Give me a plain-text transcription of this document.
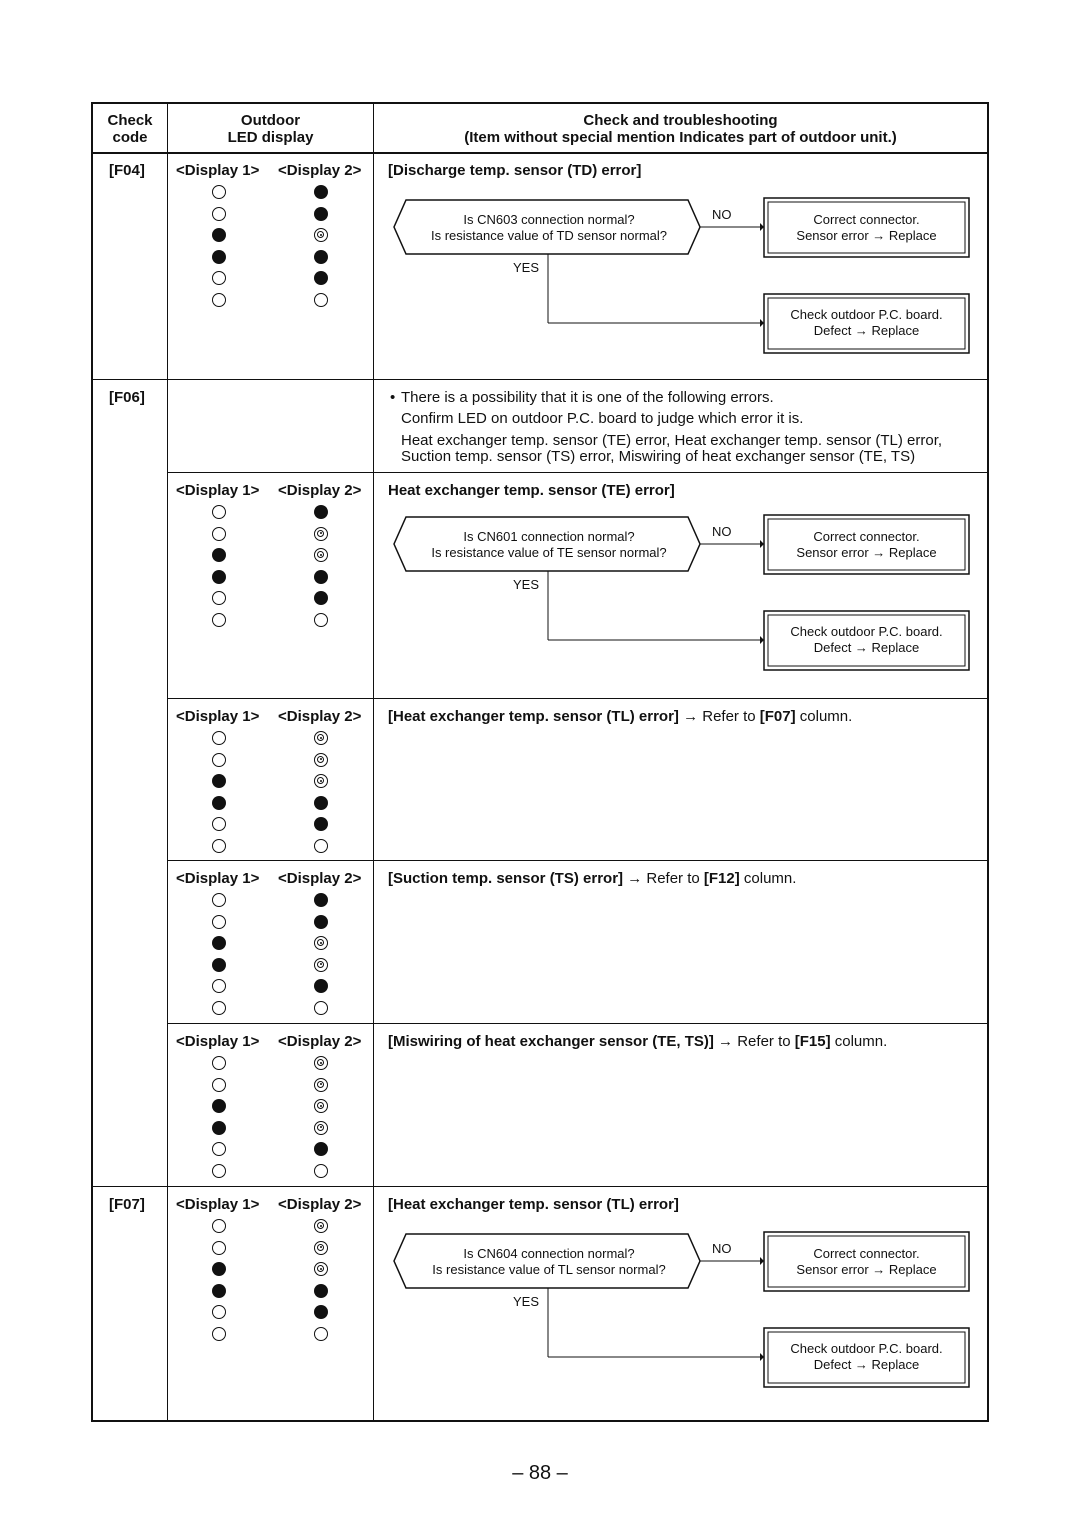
Check
code
Outdoor
LED display
Check and troubleshooting
(Item without special mention Indicates part of outdoor unit.)
[F04] <Display 1> <Display 2> [Discharge temp. sensor (TD) error]
Is CN603 connection normal?
Is resistance value of TD sensor normal?
NO
YES
Correct connector.
Sensor error → Replace
Check outdoor P.C. board.
Defect → Replace
[F06]	• There is a possibility that it is one of the following errors.
Confirm LED on outdoor P.C. board to judge which error it is.
Heat exchanger temp. sensor (TE) error, Heat exchanger temp. sensor (TL) error,
Suction temp. sensor (TS) error, Miswiring of heat exchanger sensor (TE, TS)
<Display 1> <Display 2> Heat exchanger temp. sensor (TE) error]
Is CN601 connection normal?
Is resistance value of TE sensor normal?
NO
YES
Correct connector.
Sensor error → Replace
Check outdoor P.C. board.
Defect → Replace
<Display 1> <Display 2> [Heat exchanger temp. sensor (TL) error] → Refer to [F07] column.
<Display 1> <Display 2> [Suction temp. sensor (TS) error] → Refer to [F12] column.
<Display 1> <Display 2> [Miswiring of heat exchanger sensor (TE, TS)] → Refer to [F15] column.
[F07] <Display 1> <Display 2> [Heat exchanger temp. sensor (TL) error]
Is CN604 connection normal?
Is resistance value of TL sensor normal?
NO
YES
Correct connector.
Sensor error → Replace
Check outdoor P.C. board.
Defect → Replace
– 88 –
